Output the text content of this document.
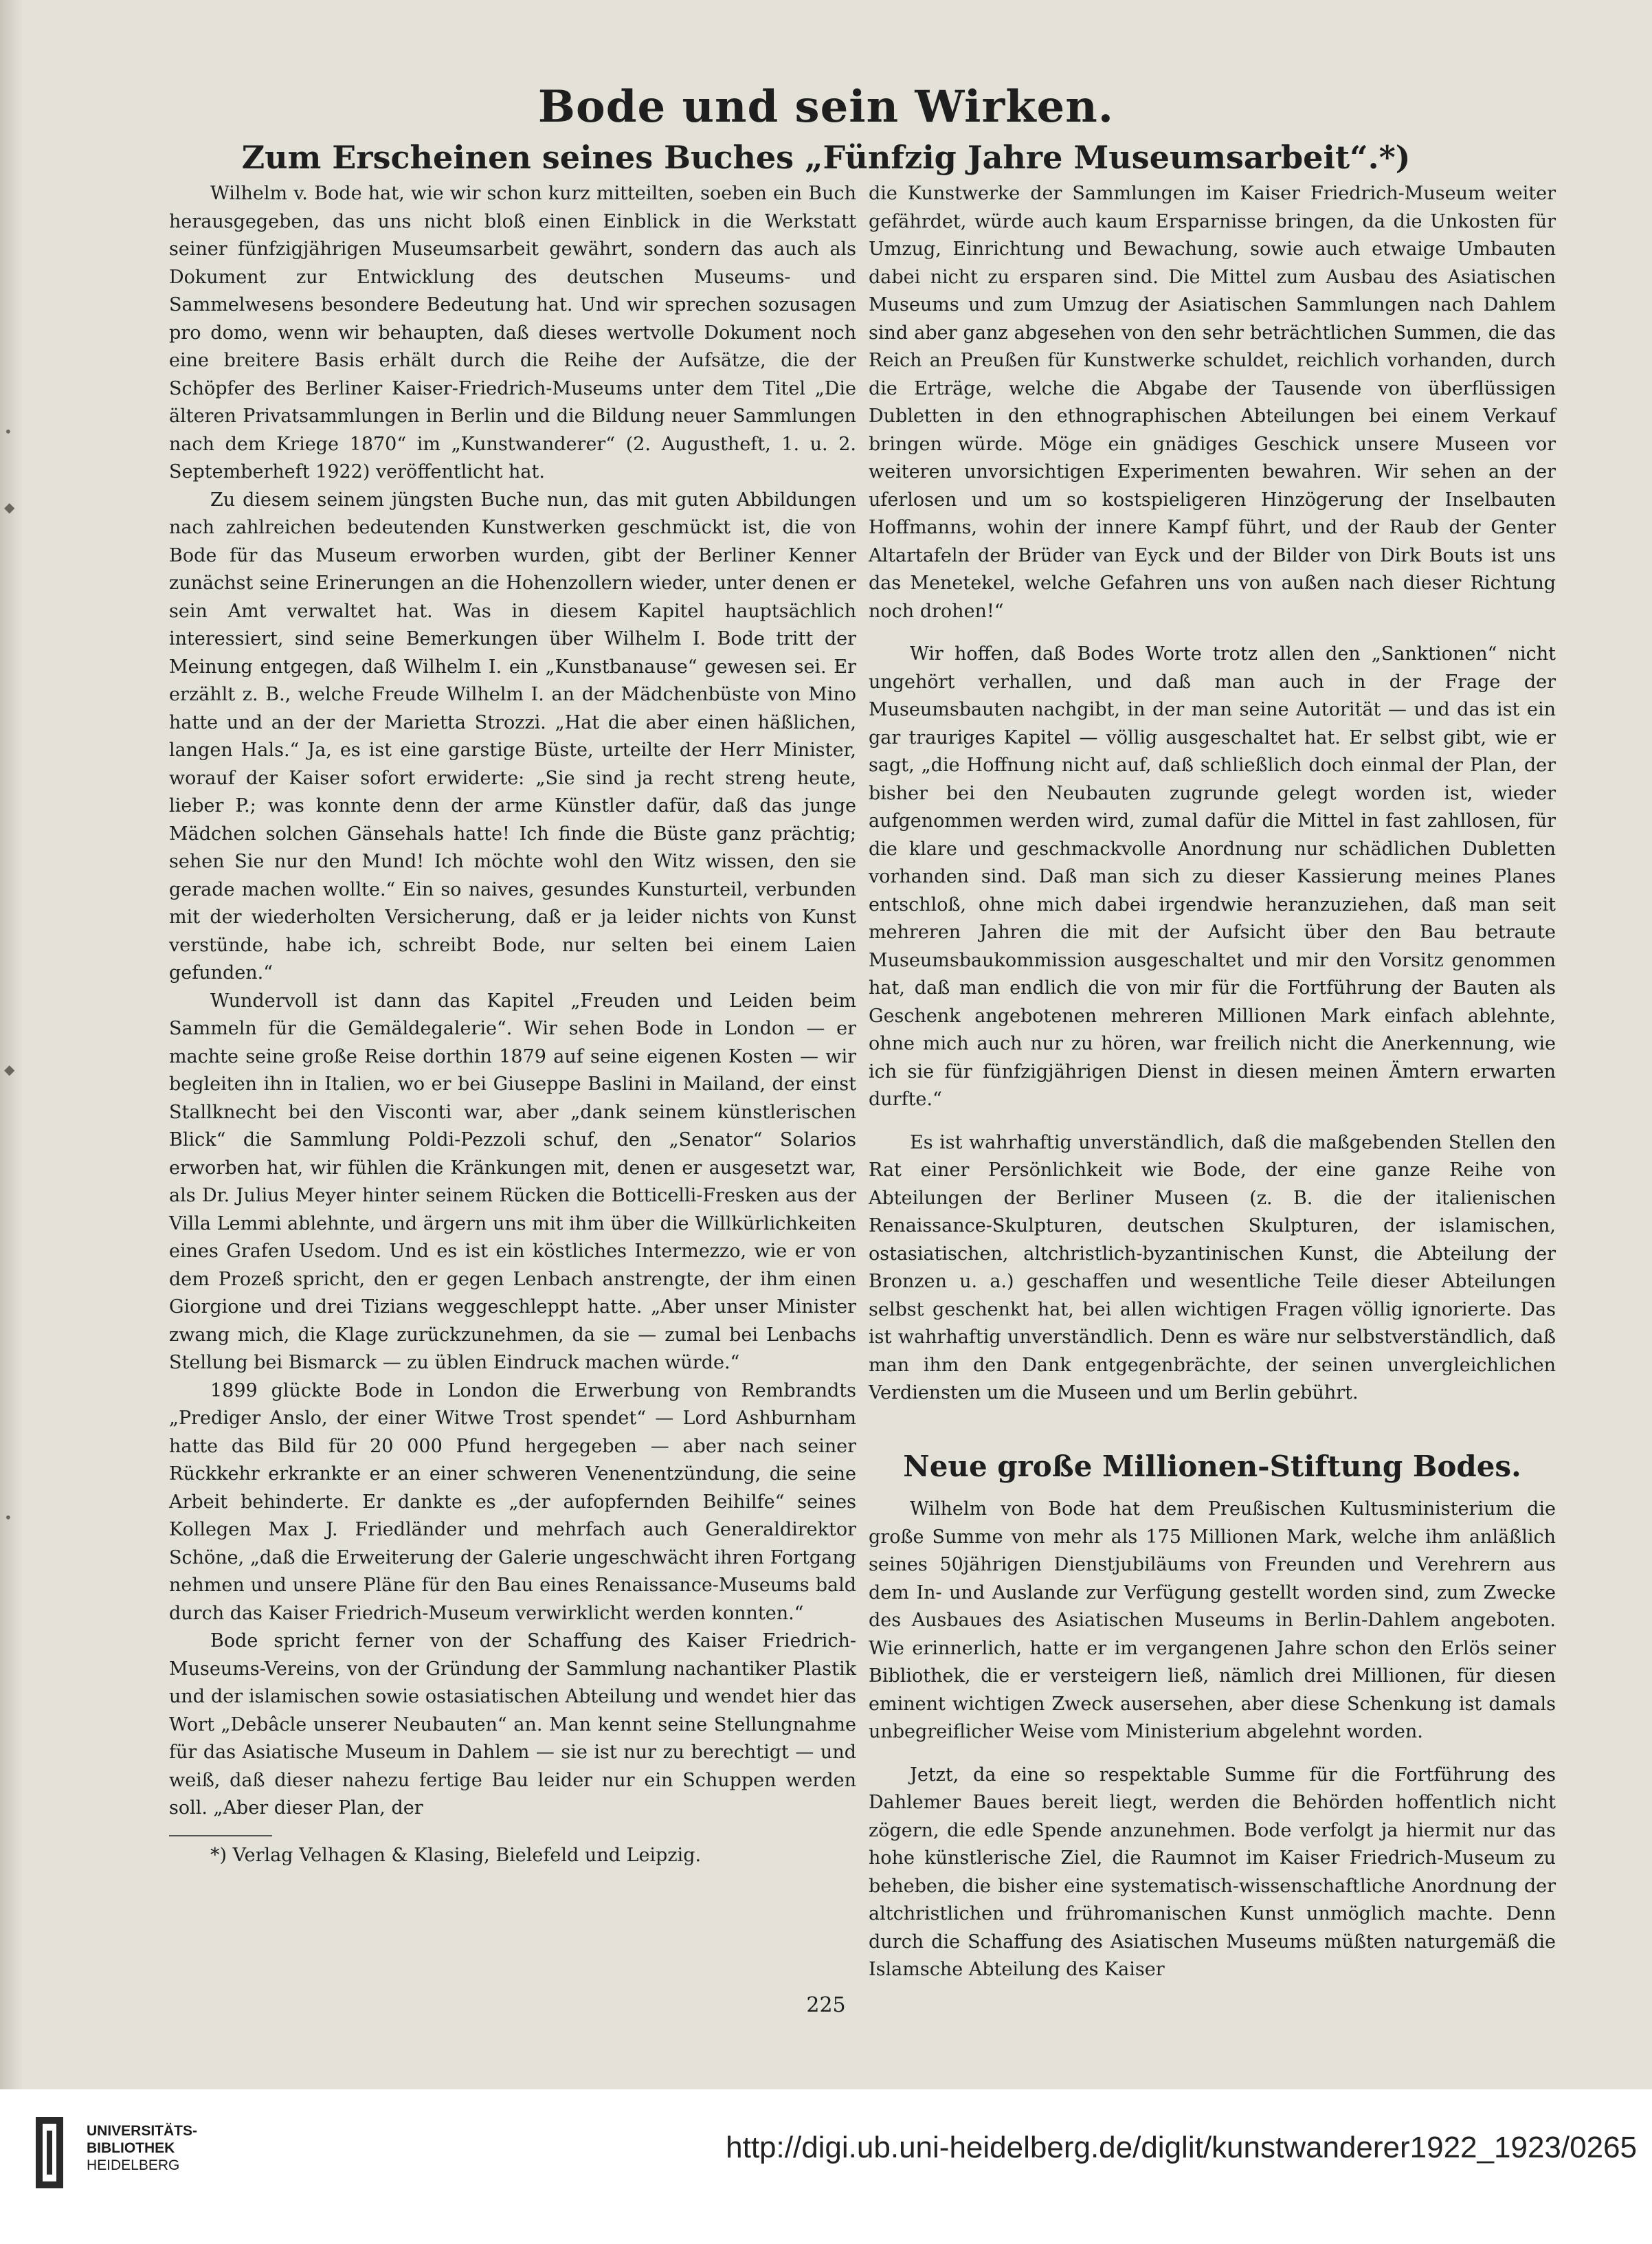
•
◆
◆
•
Bode und sein Wirken.
Zum Erscheinen seines Buches „Fünfzig Jahre Museumsarbeit“.*)

Wilhelm v. Bode hat, wie wir schon kurz mitteilten, soeben ein Buch herausgegeben, das uns nicht bloß einen Einblick in die Werkstatt seiner fünfzigjährigen Museumsarbeit gewährt, sondern das auch als Dokument zur Entwicklung des deutschen Museums- und Sammelwesens besondere Bedeutung hat. Und wir sprechen sozusagen pro domo, wenn wir behaupten, daß dieses wertvolle Dokument noch eine breitere Basis erhält durch die Reihe der Aufsätze, die der Schöpfer des Berliner Kaiser-Friedrich-Museums unter dem Titel „Die älteren Privatsammlungen in Berlin und die Bildung neuer Sammlungen nach dem Kriege 1870“ im „Kunstwanderer“ (2. Augustheft, 1. u. 2. Septemberheft 1922) veröffentlicht hat.

Zu diesem seinem jüngsten Buche nun, das mit guten Abbildungen nach zahlreichen bedeutenden Kunstwerken geschmückt ist, die von Bode für das Museum erworben wurden, gibt der Berliner Kenner zunächst seine Erinerungen an die Hohenzollern wieder, unter denen er sein Amt verwaltet hat. Was in diesem Kapitel hauptsächlich interessiert, sind seine Bemerkungen über Wilhelm I. Bode tritt der Meinung entgegen, daß Wilhelm I. ein „Kunstbanause“ gewesen sei. Er erzählt z. B., welche Freude Wilhelm I. an der Mädchenbüste von Mino hatte und an der der Marietta Strozzi. „Hat die aber einen häßlichen, langen Hals.“ Ja, es ist eine garstige Büste, urteilte der Herr Minister, worauf der Kaiser sofort erwiderte: „Sie sind ja recht streng heute, lieber P.; was konnte denn der arme Künstler dafür, daß das junge Mädchen solchen Gänsehals hatte! Ich finde die Büste ganz prächtig; sehen Sie nur den Mund! Ich möchte wohl den Witz wissen, den sie gerade machen wollte.“ Ein so naives, gesundes Kunsturteil, verbunden mit der wiederholten Versicherung, daß er ja leider nichts von Kunst verstünde, habe ich, schreibt Bode, nur selten bei einem Laien gefunden.“

Wundervoll ist dann das Kapitel „Freuden und Leiden beim Sammeln für die Gemäldegalerie“. Wir sehen Bode in London — er machte seine große Reise dorthin 1879 auf seine eigenen Kosten — wir begleiten ihn in Italien, wo er bei Giuseppe Baslini in Mailand, der einst Stallknecht bei den Visconti war, aber „dank seinem künstlerischen Blick“ die Sammlung Poldi-Pezzoli schuf, den „Senator“ Solarios erworben hat, wir fühlen die Kränkungen mit, denen er ausgesetzt war, als Dr. Julius Meyer hinter seinem Rücken die Botticelli-Fresken aus der Villa Lemmi ablehnte, und ärgern uns mit ihm über die Willkürlichkeiten eines Grafen Usedom. Und es ist ein köstliches Intermezzo, wie er von dem Prozeß spricht, den er gegen Lenbach anstrengte, der ihm einen Giorgione und drei Tizians weggeschleppt hatte. „Aber unser Minister zwang mich, die Klage zurückzunehmen, da sie — zumal bei Lenbachs Stellung bei Bismarck — zu üblen Eindruck machen würde.“

1899 glückte Bode in London die Erwerbung von Rembrandts „Prediger Anslo, der einer Witwe Trost spendet“ — Lord Ashburnham hatte das Bild für 20 000 Pfund hergegeben — aber nach seiner Rückkehr erkrankte er an einer schweren Venenentzündung, die seine Arbeit behinderte. Er dankte es „der aufopfernden Beihilfe“ seines Kollegen Max J. Friedländer und mehrfach auch Generaldirektor Schöne, „daß die Erweiterung der Galerie ungeschwächt ihren Fortgang nehmen und unsere Pläne für den Bau eines Renaissance-Museums bald durch das Kaiser Friedrich-Museum verwirklicht werden konnten.“

Bode spricht ferner von der Schaffung des Kaiser Friedrich-Museums-Vereins, von der Gründung der Sammlung nachantiker Plastik und der islamischen sowie ostasiatischen Abteilung und wendet hier das Wort „Debâcle unserer Neubauten“ an. Man kennt seine Stellungnahme für das Asiatische Museum in Dahlem — sie ist nur zu berechtigt — und weiß, daß dieser nahezu fertige Bau leider nur ein Schuppen werden soll. „Aber dieser Plan, der

*) Verlag Velhagen & Klasing, Bielefeld und Leipzig.

die Kunstwerke der Sammlungen im Kaiser Friedrich-Museum weiter gefährdet, würde auch kaum Ersparnisse bringen, da die Unkosten für Umzug, Einrichtung und Bewachung, sowie auch etwaige Umbauten dabei nicht zu ersparen sind. Die Mittel zum Ausbau des Asiatischen Museums und zum Umzug der Asiatischen Sammlungen nach Dahlem sind aber ganz abgesehen von den sehr beträchtlichen Summen, die das Reich an Preußen für Kunstwerke schuldet, reichlich vorhanden, durch die Erträge, welche die Abgabe der Tausende von überflüssigen Dubletten in den ethnographischen Abteilungen bei einem Verkauf bringen würde. Möge ein gnädiges Geschick unsere Museen vor weiteren unvorsichtigen Experimenten bewahren. Wir sehen an der uferlosen und um so kostspieligeren Hinzögerung der Inselbauten Hoffmanns, wohin der innere Kampf führt, und der Raub der Genter Altartafeln der Brüder van Eyck und der Bilder von Dirk Bouts ist uns das Menetekel, welche Gefahren uns von außen nach dieser Richtung noch drohen!“

Wir hoffen, daß Bodes Worte trotz allen den „Sanktionen“ nicht ungehört verhallen, und daß man auch in der Frage der Museumsbauten nachgibt, in der man seine Autorität — und das ist ein gar trauriges Kapitel — völlig ausgeschaltet hat. Er selbst gibt, wie er sagt, „die Hoffnung nicht auf, daß schließlich doch einmal der Plan, der bisher bei den Neubauten zugrunde gelegt worden ist, wieder aufgenommen werden wird, zumal dafür die Mittel in fast zahllosen, für die klare und geschmackvolle Anordnung nur schädlichen Dubletten vorhanden sind. Daß man sich zu dieser Kassierung meines Planes entschloß, ohne mich dabei irgendwie heranzuziehen, daß man seit mehreren Jahren die mit der Aufsicht über den Bau betraute Museumsbaukommission ausgeschaltet und mir den Vorsitz genommen hat, daß man endlich die von mir für die Fortführung der Bauten als Geschenk angebotenen mehreren Millionen Mark einfach ablehnte, ohne mich auch nur zu hören, war freilich nicht die Anerkennung, wie ich sie für fünfzigjährigen Dienst in diesen meinen Ämtern erwarten durfte.“

Es ist wahrhaftig unverständlich, daß die maßgebenden Stellen den Rat einer Persönlichkeit wie Bode, der eine ganze Reihe von Abteilungen der Berliner Museen (z. B. die der italienischen Renaissance-Skulpturen, deutschen Skulpturen, der islamischen, ostasiatischen, altchristlich-byzantinischen Kunst, die Abteilung der Bronzen u. a.) geschaffen und wesentliche Teile dieser Abteilungen selbst geschenkt hat, bei allen wichtigen Fragen völlig ignorierte. Das ist wahrhaftig unverständlich. Denn es wäre nur selbstverständlich, daß man ihm den Dank entgegenbrächte, der seinen unvergleichlichen Verdiensten um die Museen und um Berlin gebührt.

Neue große Millionen-Stiftung Bodes.

Wilhelm von Bode hat dem Preußischen Kultusministerium die große Summe von mehr als 175 Millionen Mark, welche ihm anläßlich seines 50jährigen Dienstjubiläums von Freunden und Verehrern aus dem In- und Auslande zur Verfügung gestellt worden sind, zum Zwecke des Ausbaues des Asiatischen Museums in Berlin-Dahlem angeboten. Wie erinnerlich, hatte er im vergangenen Jahre schon den Erlös seiner Bibliothek, die er versteigern ließ, nämlich drei Millionen, für diesen eminent wichtigen Zweck ausersehen, aber diese Schenkung ist damals unbegreiflicher Weise vom Ministerium abgelehnt worden.

Jetzt, da eine so respektable Summe für die Fortführung des Dahlemer Baues bereit liegt, werden die Behörden hoffentlich nicht zögern, die edle Spende anzunehmen. Bode verfolgt ja hiermit nur das hohe künstlerische Ziel, die Raumnot im Kaiser Friedrich-Museum zu beheben, die bisher eine systematisch-wissenschaftliche Anordnung der altchristlichen und frühromanischen Kunst unmöglich machte. Denn durch die Schaffung des Asiatischen Museums müßten naturgemäß die Islamsche Abteilung des Kaiser

225
UNIVERSITÄTS-
BIBLIOTHEK
HEIDELBERG
http://digi.ub.uni-heidelberg.de/diglit/kunstwanderer1922_1923/0265
